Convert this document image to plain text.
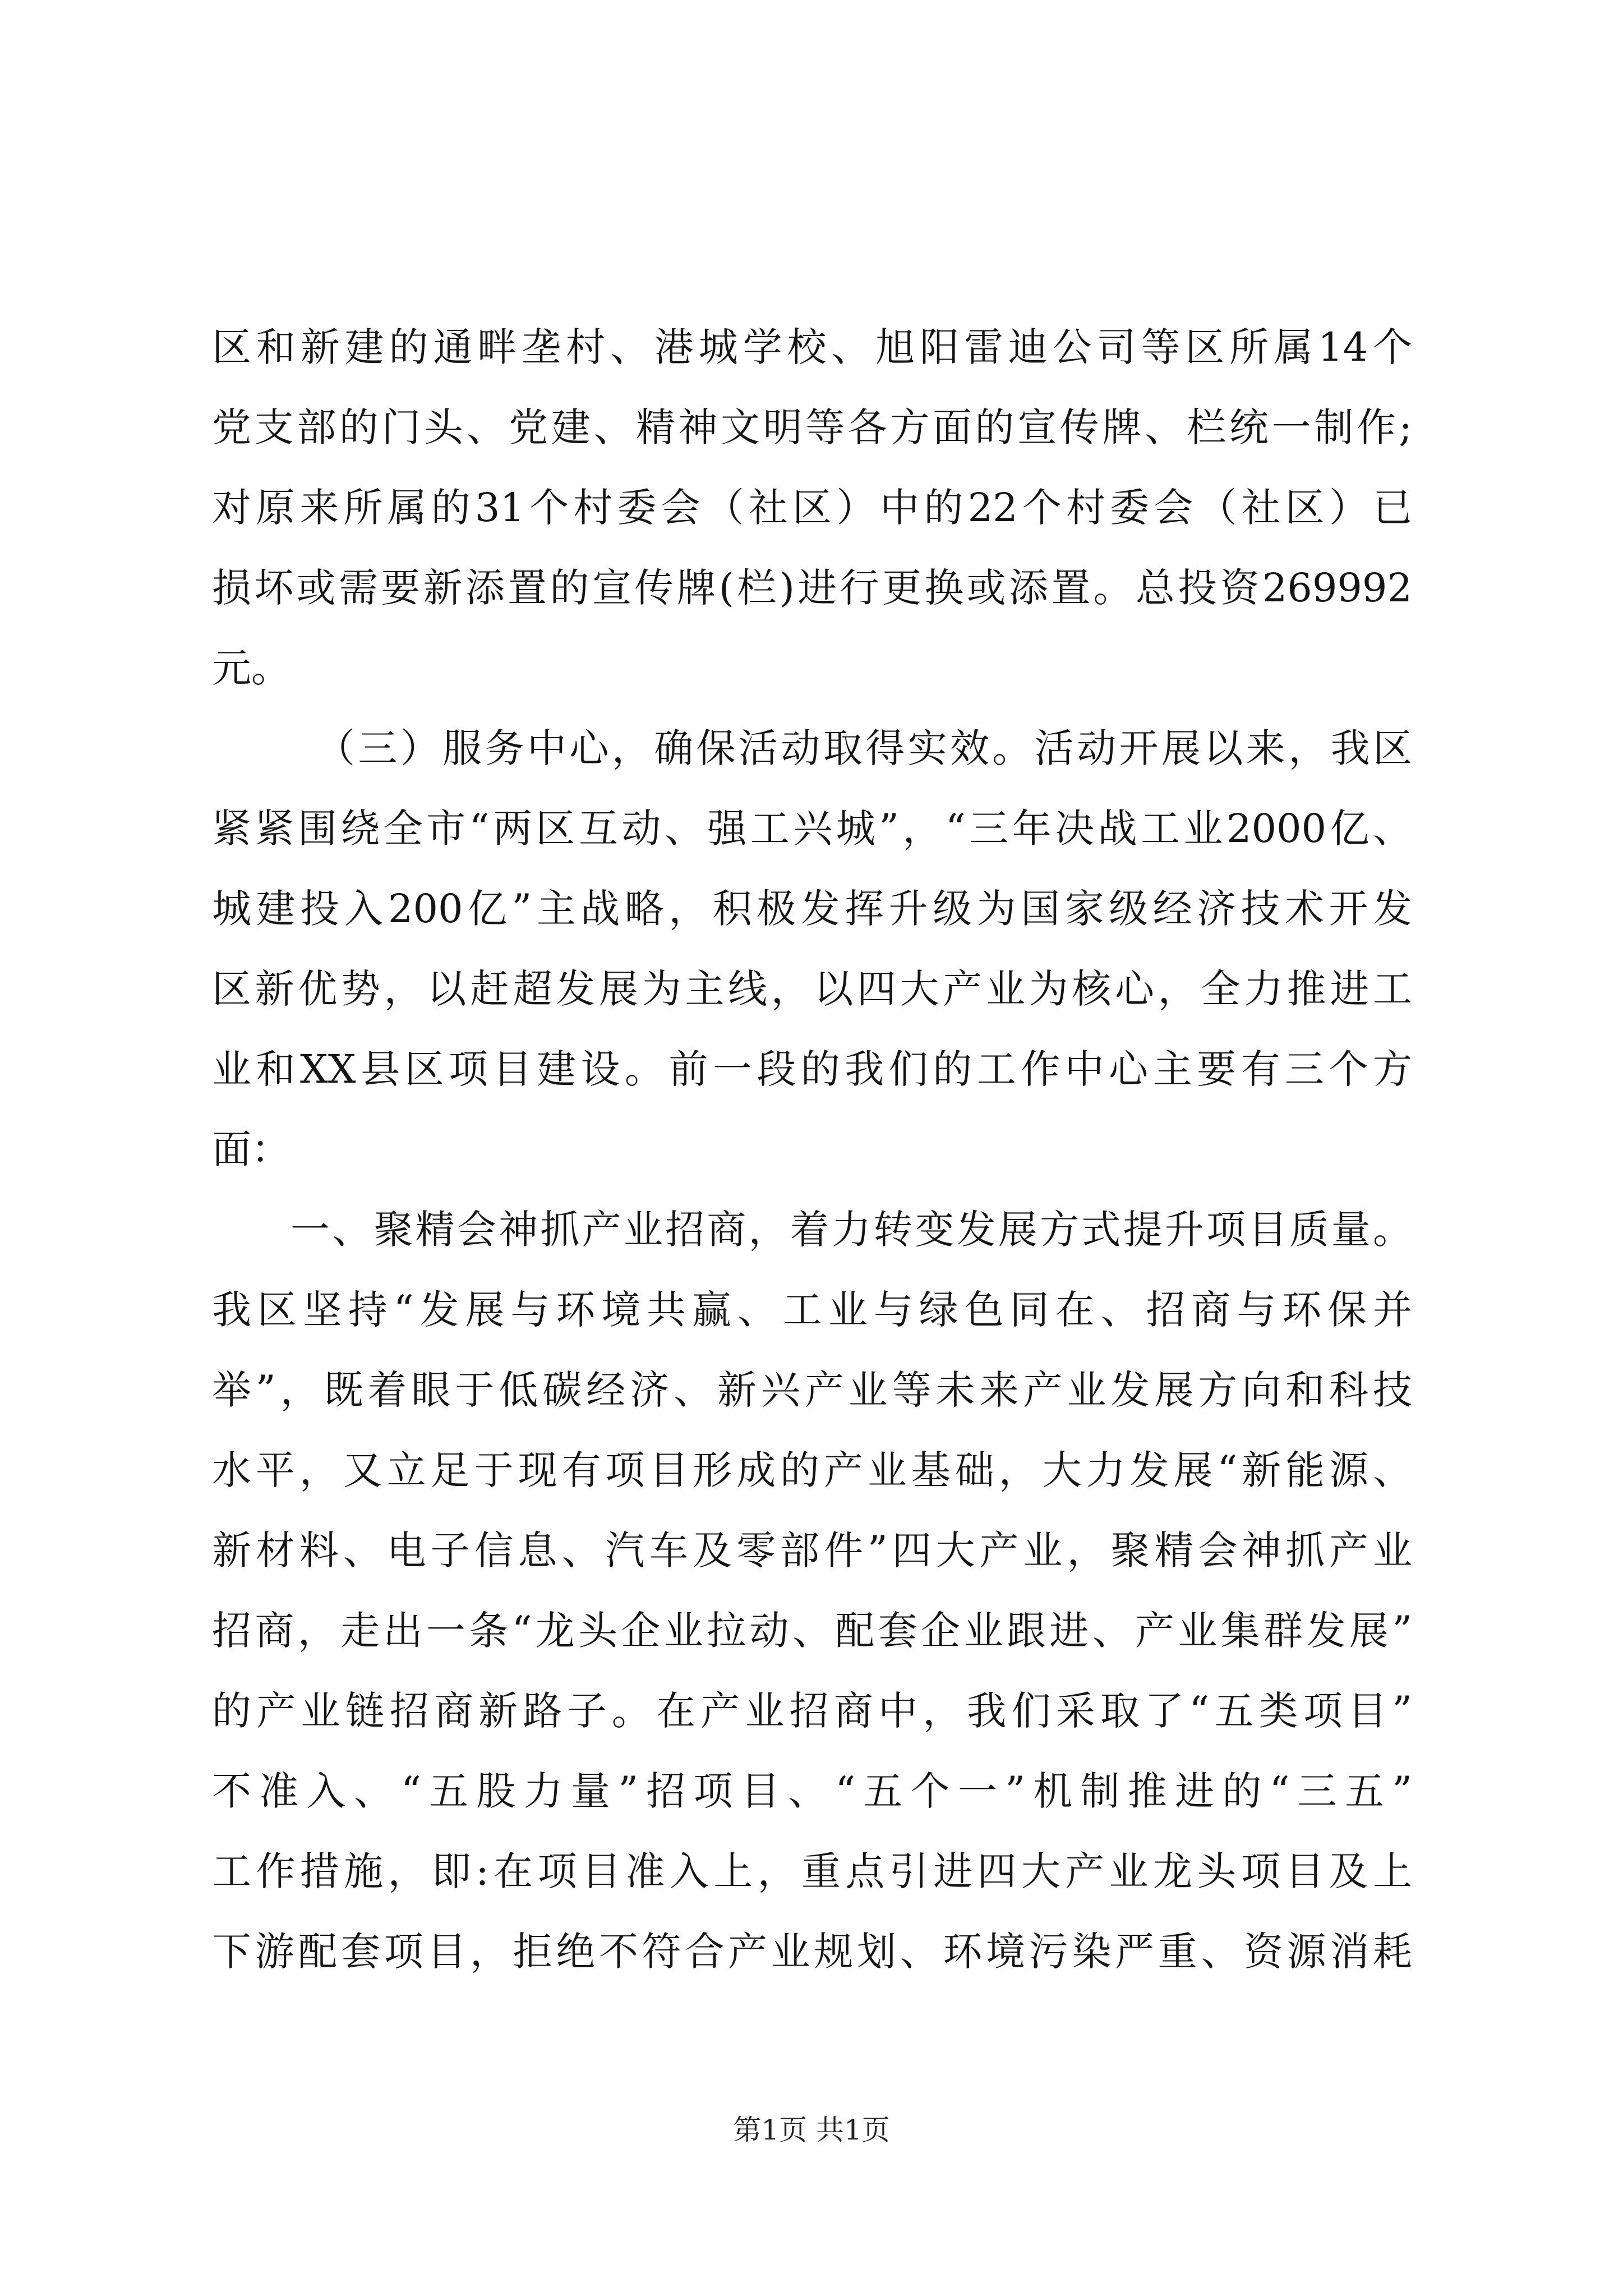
区和新建的通畔垄村、港城学校、旭阳雷迪公司等区所属14个
党支部的门头、党建、精神文明等各方面的宣传牌、栏统一制作;
对原来所属的31个村委会（社区）中的22个村委会（社区）已
损坏或需要新添置的宣传牌(栏)进行更换或添置。总投资269992
元。
（三）服务中心，确保活动取得实效。活动开展以来，我区
紧紧围绕全市“两区互动、强工兴城”，“三年决战工业2000亿、
城建投入200亿”主战略，积极发挥升级为国家级经济技术开发
区新优势，以赶超发展为主线，以四大产业为核心，全力推进工
业和XX县区项目建设。前一段的我们的工作中心主要有三个方
面：
一、聚精会神抓产业招商，着力转变发展方式提升项目质量。
我区坚持“发展与环境共赢、工业与绿色同在、招商与环保并
举”，既着眼于低碳经济、新兴产业等未来产业发展方向和科技
水平，又立足于现有项目形成的产业基础，大力发展“新能源、
新材料、电子信息、汽车及零部件”四大产业，聚精会神抓产业
招商，走出一条“龙头企业拉动、配套企业跟进、产业集群发展”
的产业链招商新路子。在产业招商中，我们采取了“五类项目”
不准入、“五股力量”招项目、“五个一”机制推进的“三五”
工作措施，即:在项目准入上，重点引进四大产业龙头项目及上
下游配套项目，拒绝不符合产业规划、环境污染严重、资源消耗
第1页 共1页
